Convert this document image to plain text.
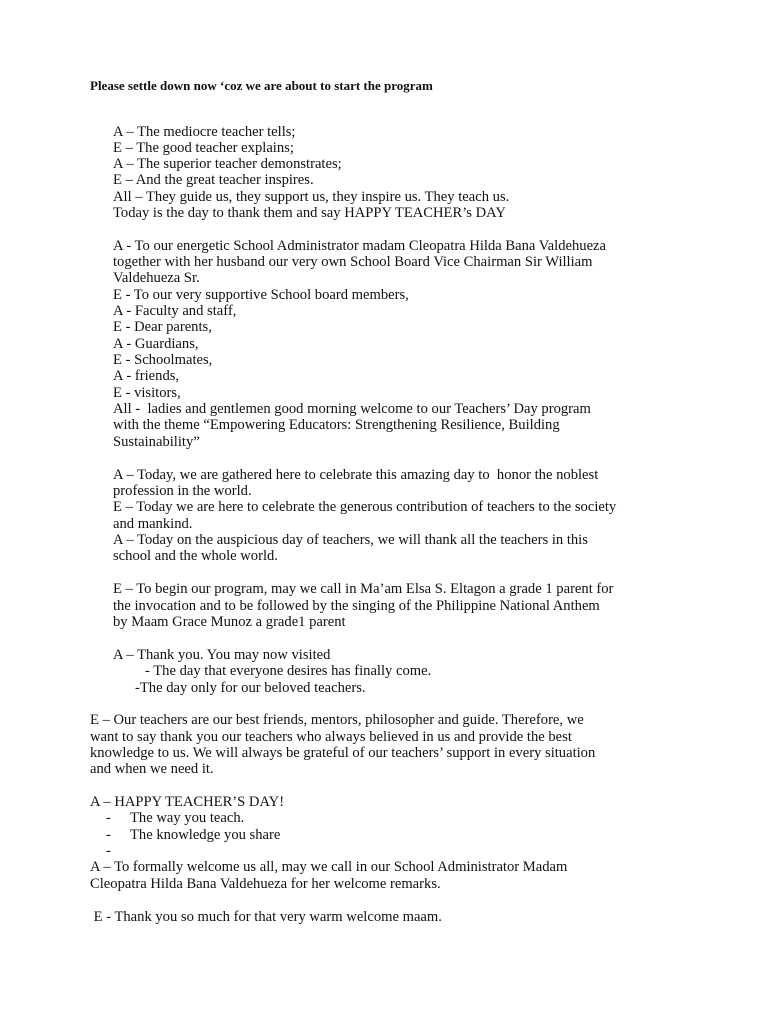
Please settle down now ‘coz we are about to start the program

A – The mediocre teacher tells;

E – The good teacher explains;

A – The superior teacher demonstrates;

E – And the great teacher inspires.

All – They guide us, they support us, they inspire us. They teach us.

Today is the day to thank them and say HAPPY TEACHER’s DAY

A - To our energetic School Administrator madam Cleopatra Hilda Bana Valdehueza

together with her husband our very own School Board Vice Chairman Sir William

Valdehueza Sr.

E - To our very supportive School board members,

A - Faculty and staff,

E - Dear parents,

A - Guardians,

E - Schoolmates,

A - friends,

E - visitors,

All -  ladies and gentlemen good morning welcome to our Teachers’ Day program

with the theme “Empowering Educators: Strengthening Resilience, Building

Sustainability”

A – Today, we are gathered here to celebrate this amazing day to  honor the noblest

profession in the world.

E – Today we are here to celebrate the generous contribution of teachers to the society

and mankind.

A – Today on the auspicious day of teachers, we will thank all the teachers in this

school and the whole world.

E – To begin our program, may we call in Ma’am Elsa S. Eltagon a grade 1 parent for

the invocation and to be followed by the singing of the Philippine National Anthem

by Maam Grace Munoz a grade1 parent

A – Thank you. You may now visited

- The day that everyone desires has finally come.

-The day only for our beloved teachers.

E – Our teachers are our best friends, mentors, philosopher and guide. Therefore, we

want to say thank you our teachers who always believed in us and provide the best

knowledge to us. We will always be grateful of our teachers’ support in every situation

and when we need it.

A – HAPPY TEACHER’S DAY!

- The way you teach.

- The knowledge you share

-

A – To formally welcome us all, may we call in our School Administrator Madam

Cleopatra Hilda Bana Valdehueza for her welcome remarks.

E - Thank you so much for that very warm welcome maam.
